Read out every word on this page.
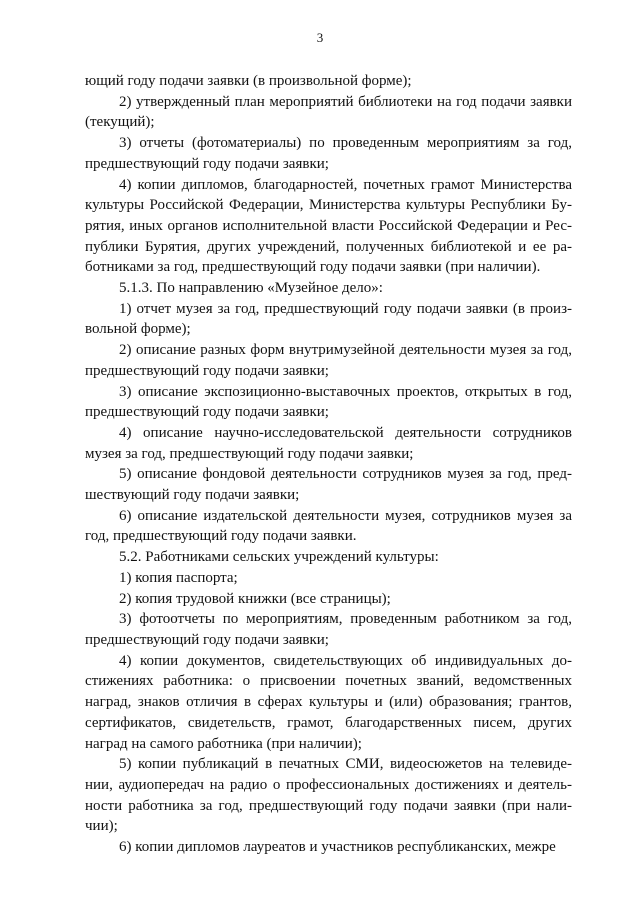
3

ющий году подачи заявки (в произвольной форме);

2) утвержденный план мероприятий библиотеки на год подачи заявки (текущий);

3) отчеты (фотоматериалы) по проведенным мероприятиям за год, предшествующий году подачи заявки;

4) копии дипломов, благодарностей, почетных грамот Министерства культуры Российской Федерации, Министерства культуры Республики Бурятия, иных органов исполнительной власти Российской Федерации и Республики Бурятия, других учреждений, полученных библиотекой и ее работниками за год, предшествующий году подачи заявки (при наличии).

5.1.3. По направлению «Музейное дело»:

1) отчет музея за год, предшествующий году подачи заявки (в произвольной форме);

2) описание разных форм внутримузейной деятельности музея за год, предшествующий году подачи заявки;

3) описание экспозиционно-выставочных проектов, открытых в год, предшествующий году подачи заявки;

4) описание научно-исследовательской деятельности сотрудников музея за год, предшествующий году подачи заявки;

5) описание фондовой деятельности сотрудников музея за год, предшествующий году подачи заявки;

6) описание издательской деятельности музея, сотрудников музея за год, предшествующий году подачи заявки.

5.2. Работниками сельских учреждений культуры:

1) копия паспорта;

2) копия трудовой книжки (все страницы);

3) фотоотчеты по мероприятиям, проведенным работником за год, предшествующий году подачи заявки;

4) копии документов, свидетельствующих об индивидуальных достижениях работника: о присвоении почетных званий, ведомственных наград, знаков отличия в сферах культуры и (или) образования; грантов, сертификатов, свидетельств, грамот, благодарственных писем, других наград на самого работника (при наличии);

5) копии публикаций в печатных СМИ, видеосюжетов на телевидении, аудиопередач на радио о профессиональных достижениях и деятельности работника за год, предшествующий году подачи заявки (при наличии);

6) копии дипломов лауреатов и участников республиканских, межре
